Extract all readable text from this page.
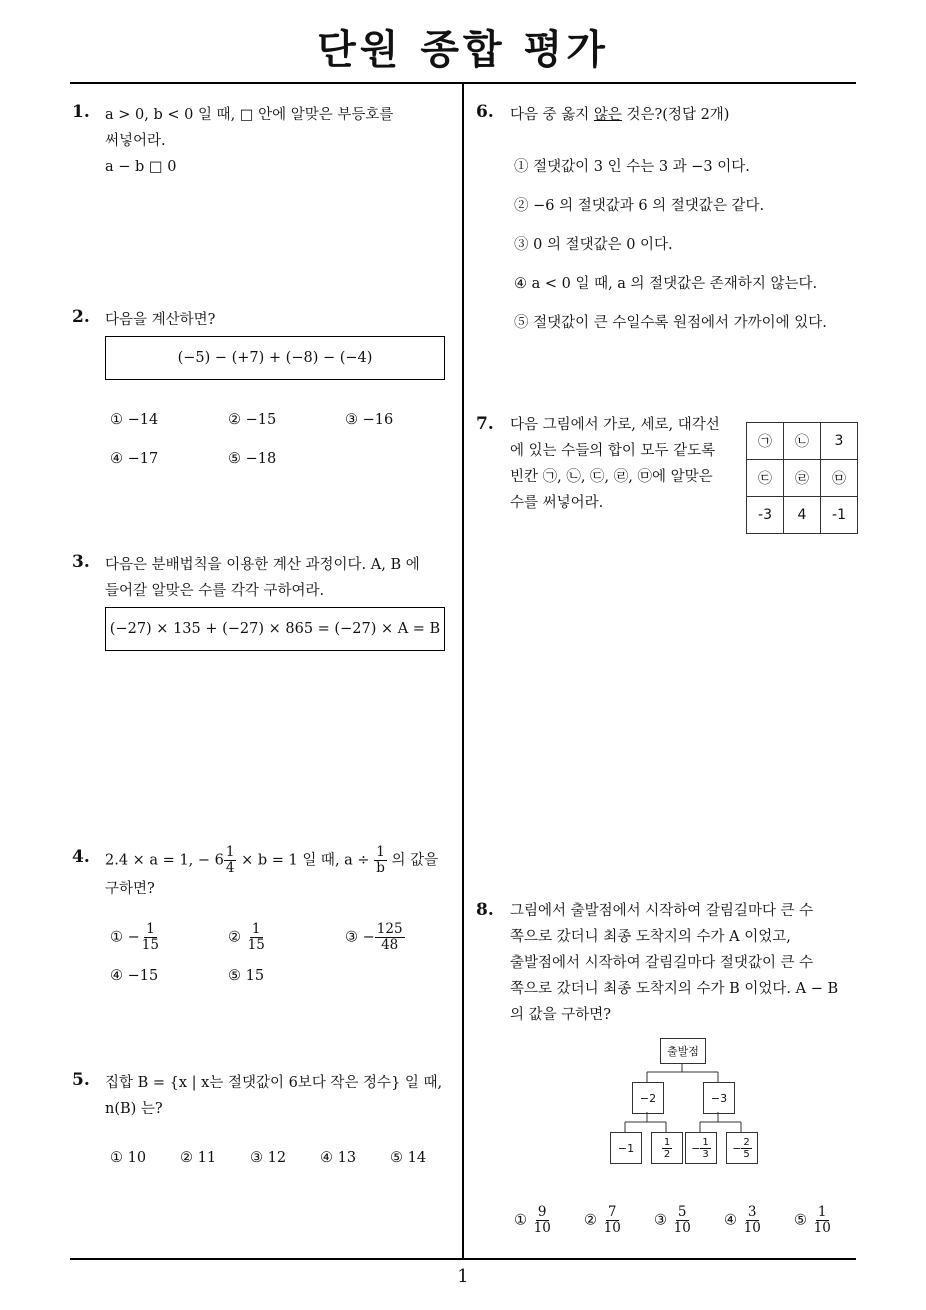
단원 종합 평가
1. a > 0, b < 0 일 때, □ 안에 알맞은 부등호를
써넣어라.
a − b □ 0
2. 다음을 계산하면?
(−5) − (+7) + (−8) − (−4)
① −14	② −15	③ −16
④ −17	⑤ −18
3. 다음은 분배법칙을 이용한 계산 과정이다. A, B 에
들어갈 알맞은 수를 각각 구하여라.
(−27) × 135 + (−27) × 865 = (−27) × A = B
4. 2.4 × a = 1, − $6 \frac{1}{4} \times b = 1$ 일 때, $a \div \frac{1}{b}$ 의 값을
구하면?
① − $\frac{1}{15}$	② $\frac{1}{15}$	③ − $\frac{125}{48}$
④ −15	⑤ 15
5. 집합 B = {x | x는 절댓값이 6보다 작은 정수} 일 때,
n(B) 는?
① 10 ② 11 ③ 12 ④ 13 ⑤ 14
6. 다음 중 옳지 않은 것은?(정답 2개)
① 절댓값이 3 인 수는 3 과 −3 이다.
② −6 의 절댓값과 6 의 절댓값은 같다.
③ 0 의 절댓값은 0 이다.
④ a < 0 일 때, a 의 절댓값은 존재하지 않는다.
⑤ 절댓값이 큰 수일수록 원점에서 가까이에 있다.
7. 다음 그림에서 가로, 세로, 대각선
에 있는 수들의 합이 모두 같도록
빈칸 ㉠, ㉡, ㉢, ㉣, ㉤에 알맞은
수를 써넣어라.
㉠	㉡	3
㉢	㉣	㉤
-3	4	-1
8. 그림에서 출발점에서 시작하여 갈림길마다 큰 수
쪽으로 갔더니 최종 도착지의 수가 A 이었고,
출발점에서 시작하여 갈림길마다 절댓값이 큰 수
쪽으로 갔더니 최종 도착지의 수가 B 이었다. A − B
의 값을 구하면?
출발점
−2	−3
−1	$\frac{1}{2} - \frac{1}{3} - \frac{2}{5}$
① $\frac{9}{10}$ ② $\frac{7}{10}$ ③ $\frac{5}{10}$ ④ $\frac{3}{10}$ ⑤ $\frac{1}{10}$
1
